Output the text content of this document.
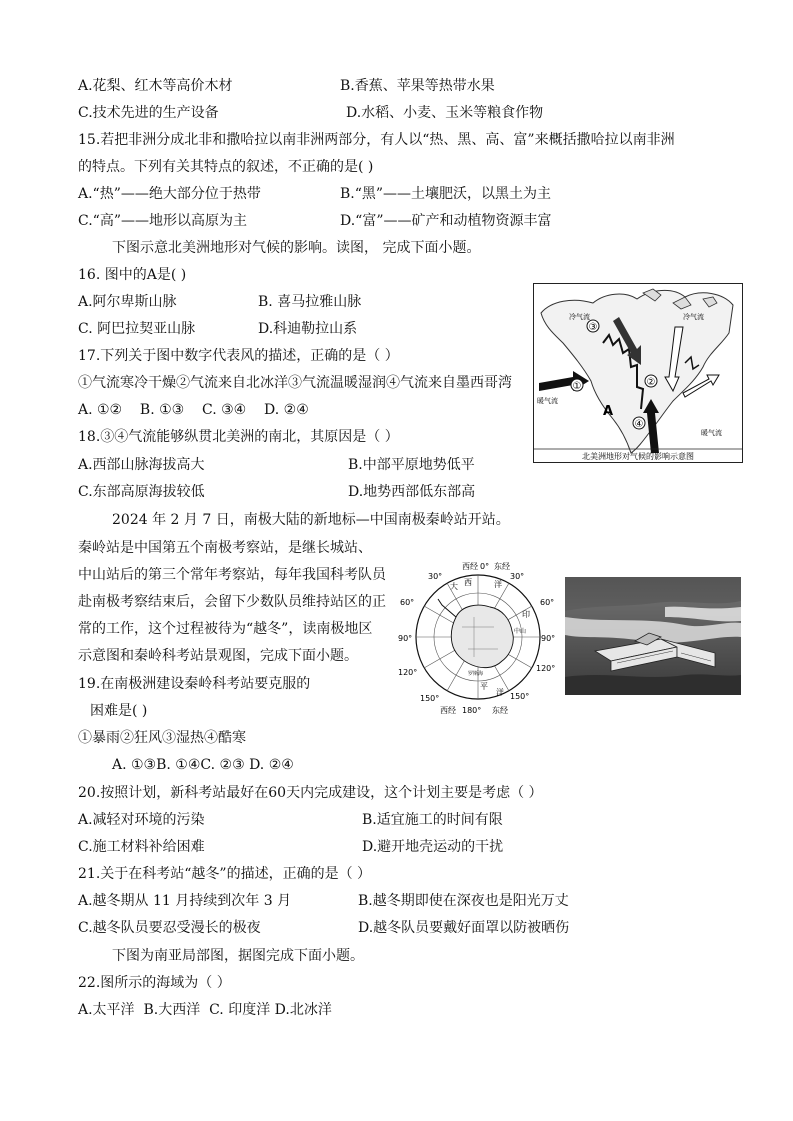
A.花梨、红木等高价木材	B.香蕉、苹果等热带水果
C.技术先进的生产设备	D.水稻、小麦、玉米等粮食作物
15.若把非洲分成北非和撒哈拉以南非洲两部分，有人以“热、黑、高、富”来概括撒哈拉以南非洲
的特点。下列有关其特点的叙述，不正确的是( )
A.“热”——绝大部分位于热带	B.“黑”——土壤肥沃，以黑土为主
C.“高”——地形以高原为主	D.“富”——矿产和动植物资源丰富
下图示意北美洲地形对气候的影响。读图， 完成下面小题。
16. 图中的A是( )
A.阿尔卑斯山脉	B. 喜马拉雅山脉
C. 阿巴拉契亚山脉	D.科迪勒拉山系
17.下列关于图中数字代表风的描述，正确的是（ ）
①气流寒冷干燥②气流来自北冰洋③气流温暖湿润④气流来自墨西哥湾
A. ①②    B. ①③    C. ③④    D. ②④
18.③④气流能够纵贯北美洲的南北，其原因是（ ）
A.西部山脉海拔高大	B.中部平原地势低平
C.东部高原海拔较低	D.地势西部低东部高
③
①	②
④
A
冷气流	冷气流
暖气流
暖气流
北美洲地形对气候的影响示意图
2024 年 2 月 7 日，南极大陆的新地标—中国南极秦岭站开站。
秦岭站是中国第五个南极考察站，是继长城站、
中山站后的第三个常年考察站，每年我国科考队员
赴南极考察结束后，会留下少数队员维持站区的正
常的工作，这个过程被待为“越冬”，读南极地区
示意图和秦岭科考站景观图，完成下面小题。
西经 0° 东经
30°	30°
60°	60°
90°	90°
120°	120°
150°	150°
西经 180° 东经
大 西	洋
平
洋
印
中山
罗斯海
19.在南极洲建设秦岭科考站要克服的
困难是( )
①暴雨②狂风③湿热④酷寒
A. ①③B. ①④C. ②③ D. ②④
20.按照计划，新科考站最好在60天内完成建设，这个计划主要是考虑（ ）
A.减轻对环境的污染	B.适宜施工的时间有限
C.施工材料补给困难	D.避开地壳运动的干扰
21.关于在科考站“越冬”的描述，正确的是（ ）
A.越冬期从 11 月持续到次年 3 月	B.越冬期即使在深夜也是阳光万丈
C.越冬队员要忍受漫长的极夜	D.越冬队员要戴好面罩以防被晒伤
下图为南亚局部图，据图完成下面小题。
22.图所示的海域为（ ）
A.太平洋  B.大西洋  C. 印度洋 D.北冰洋
